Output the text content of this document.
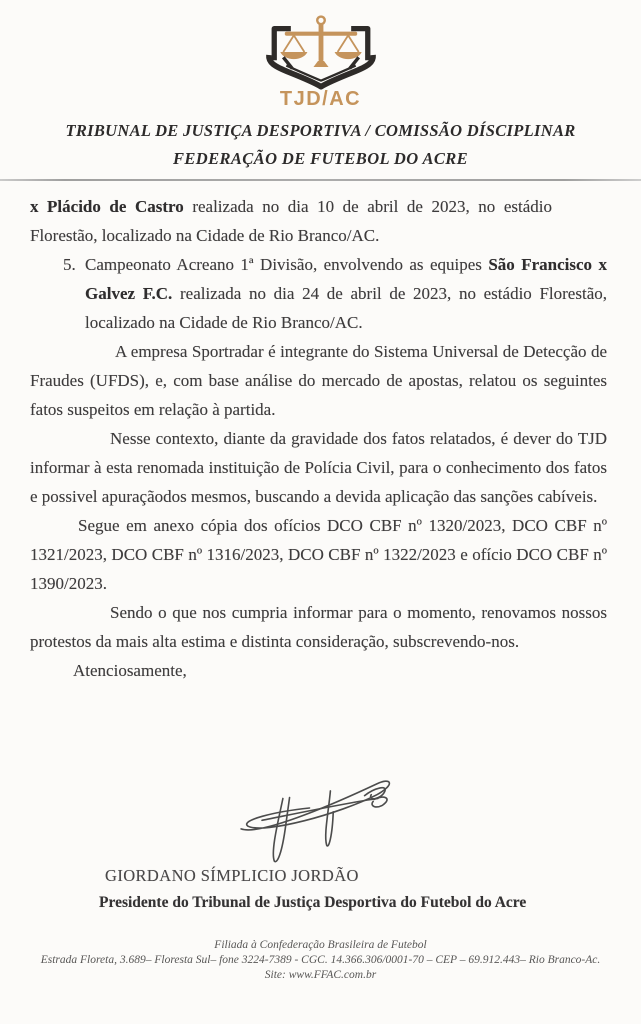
TJD/AC
TRIBUNAL DE JUSTIÇA DESPORTIVA / COMISSÃO DÍSCIPLINAR
FEDERAÇÃO DE FUTEBOL DO ACRE

x Plácido de Castro realizada no dia 10 de abril de 2023, no estádio Florestão, localizado na Cidade de Rio Branco/AC.

5. Campeonato Acreano 1ª Divisão, envolvendo as equipes São Francisco x Galvez F.C. realizada no dia 24 de abril de 2023, no estádio Florestão, localizado na Cidade de Rio Branco/AC.

A empresa Sportradar é integrante do Sistema Universal de Detecção de Fraudes (UFDS), e, com base análise do mercado de apostas, relatou os seguintes fatos suspeitos em relação à partida.

Nesse contexto, diante da gravidade dos fatos relatados, é dever do TJD informar à esta renomada instituição de Polícia Civil, para o conhecimento dos fatos e possivel apuraçãodos mesmos, buscando a devida aplicação das sanções cabíveis.

Segue em anexo cópia dos ofícios DCO CBF nº 1320/2023, DCO CBF nº 1321/2023, DCO CBF nº 1316/2023, DCO CBF nº 1322/2023 e ofício DCO CBF nº 1390/2023.

Sendo o que nos cumpria informar para o momento, renovamos nossos protestos da mais alta estima e distinta consideração, subscrevendo-nos.

Atenciosamente,

GIORDANO SÍMPLICIO JORDÃO
Presidente do Tribunal de Justiça Desportiva do Futebol do Acre
Filiada à Confederação Brasileira de Futebol
Estrada Floreta, 3.689– Floresta Sul– fone 3224-7389 - CGC. 14.366.306/0001-70 – CEP – 69.912.443– Rio Branco-Ac.
Site: www.FFAC.com.br
